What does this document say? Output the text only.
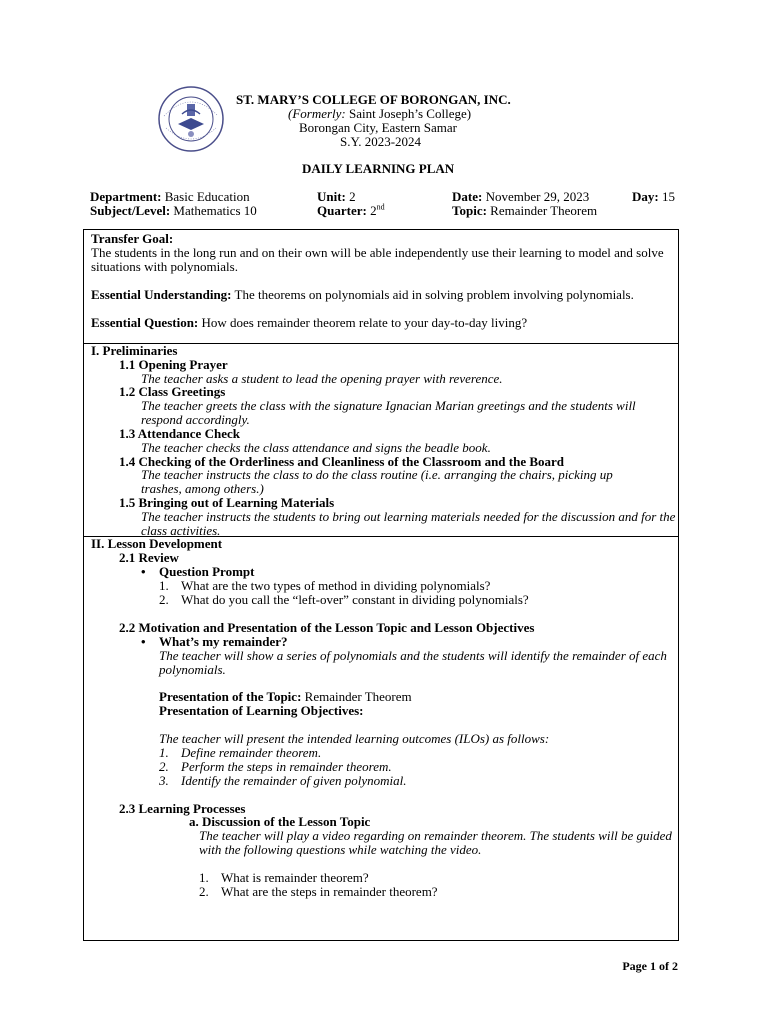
ST. MARY’S COLLEGE OF BORONGAN, INC.
(Formerly: Saint Joseph’s College)
Borongan City, Eastern Samar
S.Y. 2023-2024
DAILY LEARNING PLAN
Department: Basic Education	Unit: 2	Date: November 29, 2023	Day: 15
Subject/Level: Mathematics 10	Quarter: 2nd	Topic: Remainder Theorem
Transfer Goal:
The students in the long run and on their own will be able independently use their learning to model and solve situations with polynomials.
Essential Understanding: The theorems on polynomials aid in solving problem involving polynomials.
Essential Question: How does remainder theorem relate to your day-to-day living?
I. Preliminaries
1.1 Opening Prayer
The teacher asks a student to lead the opening prayer with reverence.
1.2 Class Greetings
The teacher greets the class with the signature Ignacian Marian greetings and the students will respond accordingly.
1.3 Attendance Check
The teacher checks the class attendance and signs the beadle book.
1.4 Checking of the Orderliness and Cleanliness of the Classroom and the Board
The teacher instructs the class to do the class routine (i.e. arranging the chairs, picking up trashes, among others.)
1.5 Bringing out of Learning Materials
The teacher instructs the students to bring out learning materials needed for the discussion and for the class activities.
II. Lesson Development
2.1 Review
• Question Prompt
1. What are the two types of method in dividing polynomials?
2. What do you call the “left-over” constant in dividing polynomials?
2.2 Motivation and Presentation of the Lesson Topic and Lesson Objectives
• What’s my remainder?
The teacher will show a series of polynomials and the students will identify the remainder of each polynomials.
Presentation of the Topic: Remainder Theorem
Presentation of Learning Objectives:
The teacher will present the intended learning outcomes (ILOs) as follows:
1. Define remainder theorem.
2. Perform the steps in remainder theorem.
3. Identify the remainder of given polynomial.
2.3 Learning Processes
a. Discussion of the Lesson Topic
The teacher will play a video regarding on remainder theorem. The students will be guided with the following questions while watching the video.
1. What is remainder theorem?
2. What are the steps in remainder theorem?
Page 1 of 2
